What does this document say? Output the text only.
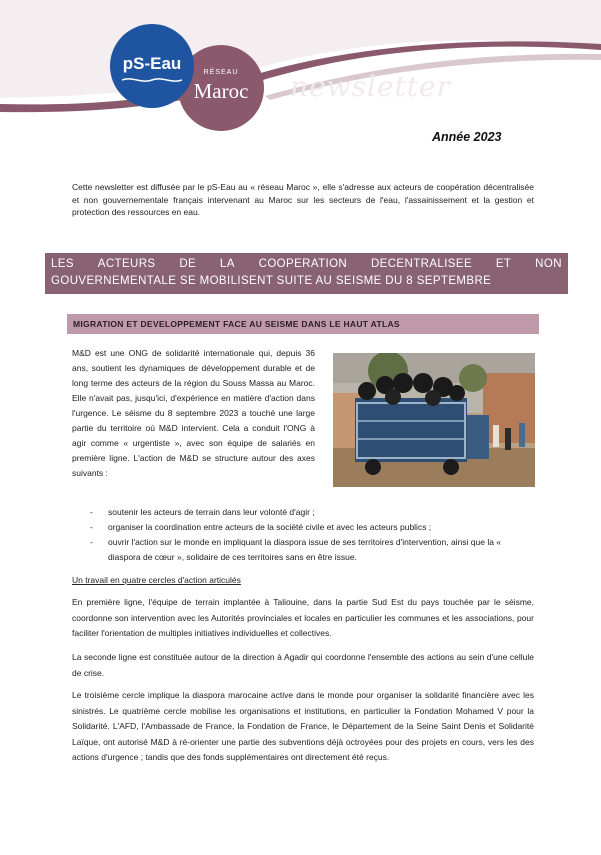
RÉSEAU
Maroc
pS-Eau
newsletter
Année 2023

Cette newsletter est diffusée par le pS-Eau au « réseau Maroc », elle s'adresse aux acteurs de coopération décentralisée et non gouvernementale français intervenant au Maroc sur les secteurs de l'eau, l'assainissement et la gestion et protection des ressources en eau.

LES ACTEURS DE LA COOPERATION DECENTRALISEE ET NON
GOUVERNEMENTALE SE MOBILISENT SUITE AU SEISME DU 8 SEPTEMBRE
MIGRATION ET DEVELOPPEMENT FACE AU SEISME DANS LE HAUT ATLAS

M&D est une ONG de solidarité internationale qui, depuis 36 ans, soutient les dynamiques de développement durable et de long terme des acteurs de la région du Souss Massa au Maroc. Elle n'avait pas, jusqu'ici, d'expérience en matière d'action dans l'urgence. Le séisme du 8 septembre 2023 a touché une large partie du territoire où M&D intervient. Cela a conduit l'ONG à agir comme « urgentiste », avec son équipe de salariés en première ligne. L'action de M&D se structure autour des axes suivants :

- soutenir les acteurs de terrain dans leur volonté d'agir ;
- organiser la coordination entre acteurs de la société civile et avec les acteurs publics ;
- ouvrir l'action sur le monde en impliquant la diaspora issue de ses territoires d'intervention, ainsi que la « diaspora de cœur », solidaire de ces territoires sans en être issue.

Un travail en quatre cercles d'action articulés

En première ligne, l'équipe de terrain implantée à Taliouine, dans la partie Sud Est du pays touchée par le séisme, coordonne son intervention avec les Autorités provinciales et locales en particulier les communes et les associations, pour faciliter l'orientation de multiples initiatives individuelles et collectives.

La seconde ligne est constituée autour de la direction à Agadir qui coordonne l'ensemble des actions au sein d'une cellule de crise.

Le troisième cercle implique la diaspora marocaine active dans le monde pour organiser la solidarité financière avec les sinistrés. Le quatrième cercle mobilise les organisations et institutions, en particulier la Fondation Mohamed V pour la Solidarité. L'AFD, l'Ambassade de France, la Fondation de France, le Département de la Seine Saint Denis et Solidarité Laïque, ont autorisé M&D à ré-orienter une partie des subventions déjà octroyées pour des projets en cours, vers les des actions d'urgence ; tandis que des fonds supplémentaires ont directement été reçus.
